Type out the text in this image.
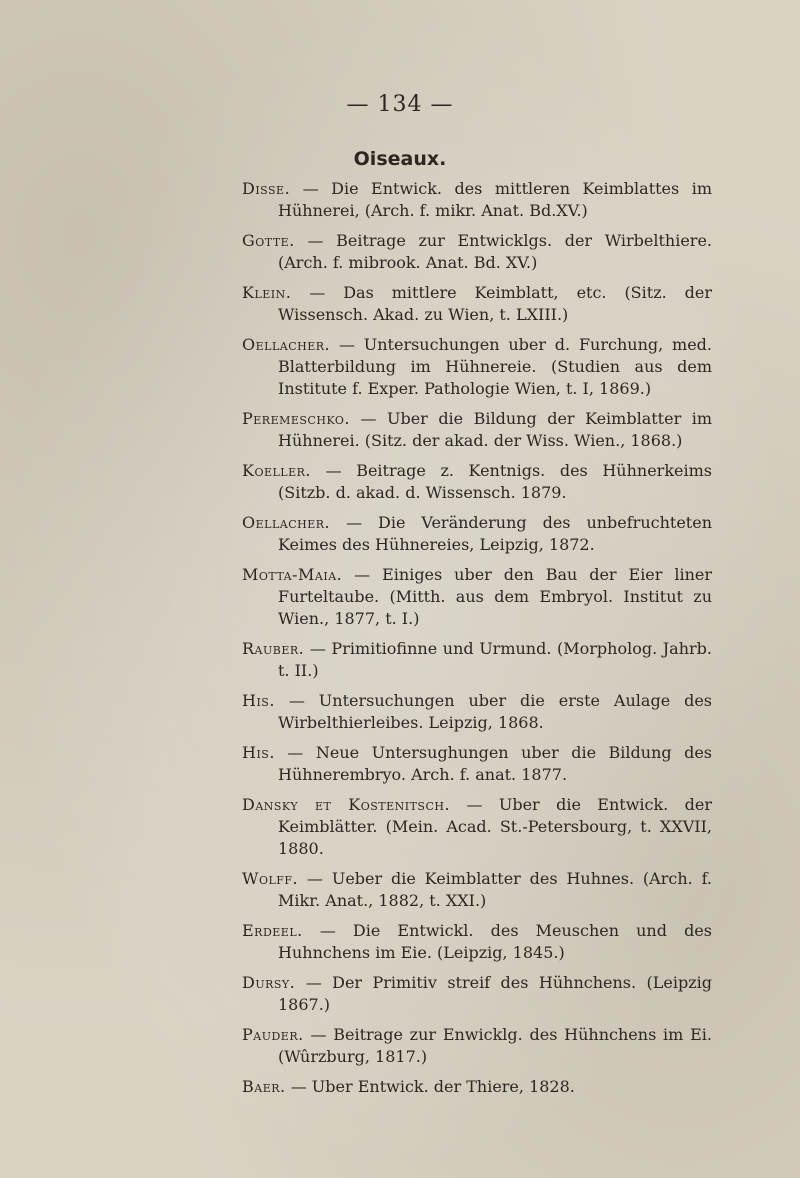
— 134 —
Oiseaux.

Disse. — Die Entwick. des mittleren Keimblattes im Hühnerei, (Arch. f. mikr. Anat. Bd.XV.)

Gotte. — Beitrage zur Entwicklgs. der Wirbelthiere. (Arch. f. mibrook. Anat. Bd. XV.)

Klein. — Das mittlere Keimblatt, etc. (Sitz. der Wissensch. Akad. zu Wien, t. LXIII.)

Oellacher. — Untersuchungen uber d. Furchung, med. Blatterbildung im Hühnereie. (Studien aus dem Institute f. Exper. Pathologie Wien, t. I, 1869.)

Peremeschko. — Uber die Bildung der Keimblatter im Hühnerei. (Sitz. der akad. der Wiss. Wien., 1868.)

Koeller. — Beitrage z. Kentnigs. des Hühnerkeims (Sitzb. d. akad. d. Wissensch. 1879.

Oellacher. — Die Veränderung des unbefruchteten Keimes des Hühnereies, Leipzig, 1872.

Motta-Maia. — Einiges uber den Bau der Eier liner Furteltaube. (Mitth. aus dem Embryol. Institut zu Wien., 1877, t. I.)

Rauber. — Primitiofinne und Urmund. (Morpholog. Jahrb. t. II.)

His. — Untersuchungen uber die erste Aulage des Wirbelthierleibes. Leipzig, 1868.

His. — Neue Untersughungen uber die Bildung des Hühnerembryo. Arch. f. anat. 1877.

Dansky et Kostenitsch. — Uber die Entwick. der Keimblätter. (Mein. Acad. St.-Petersbourg, t. XXVII, 1880.

Wolff. — Ueber die Keimblatter des Huhnes. (Arch. f. Mikr. Anat., 1882, t. XXI.)

Erdeel. — Die Entwickl. des Meuschen und des Huhnchens im Eie. (Leipzig, 1845.)

Dursy. — Der Primitiv streif des Hühnchens. (Leipzig 1867.)

Pauder. — Beitrage zur Enwicklg. des Hühnchens im Ei. (Wûrzburg, 1817.)

Baer. — Uber Entwick. der Thiere, 1828.
